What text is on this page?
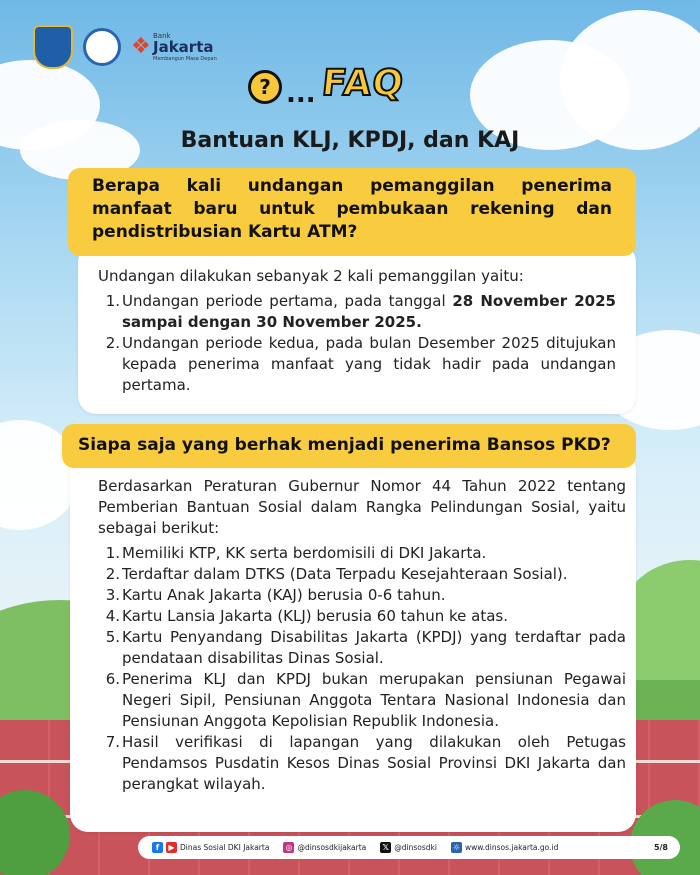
❖ Bank
Jakarta
Membangun Masa Depan
? ... FAQ
Bantuan KLJ, KPDJ, dan KAJ
Berapa kali undangan pemanggilan penerima manfaat baru untuk pembukaan rekening dan pendistribusian Kartu ATM?

Undangan dilakukan sebanyak 2 kali pemanggilan yaitu:

1. Undangan periode pertama, pada tanggal 28 November 2025 sampai dengan 30 November 2025.
2. Undangan periode kedua, pada bulan Desember 2025 ditujukan kepada penerima manfaat yang tidak hadir pada undangan pertama.
Siapa saja yang berhak menjadi penerima Bansos PKD?

Berdasarkan Peraturan Gubernur Nomor 44 Tahun 2022 tentang Pemberian Bantuan Sosial dalam Rangka Pelindungan Sosial, yaitu sebagai berikut:

1. Memiliki KTP, KK serta berdomisili di DKI Jakarta.
2. Terdaftar dalam DTKS (Data Terpadu Kesejahteraan Sosial).
3. Kartu Anak Jakarta (KAJ) berusia 0-6 tahun.
4. Kartu Lansia Jakarta (KLJ) berusia 60 tahun ke atas.
5. Kartu Penyandang Disabilitas Jakarta (KPDJ) yang terdaftar pada pendataan disabilitas Dinas Sosial.
6. Penerima KLJ dan KPDJ bukan merupakan pensiunan Pegawai Negeri Sipil, Pensiunan Anggota Tentara Nasional Indonesia dan Pensiunan Anggota Kepolisian Republik Indonesia.
7. Hasil verifikasi di lapangan yang dilakukan oleh Petugas Pendamsos Pusdatin Kesos Dinas Sosial Provinsi DKI Jakarta dan perangkat wilayah.
f	▶ Dinas Sosial DKI Jakarta ◎ @dinsosdkijakarta 𝕏 @dinsosdki ☼ www.dinsos.jakarta.go.id	5/8
